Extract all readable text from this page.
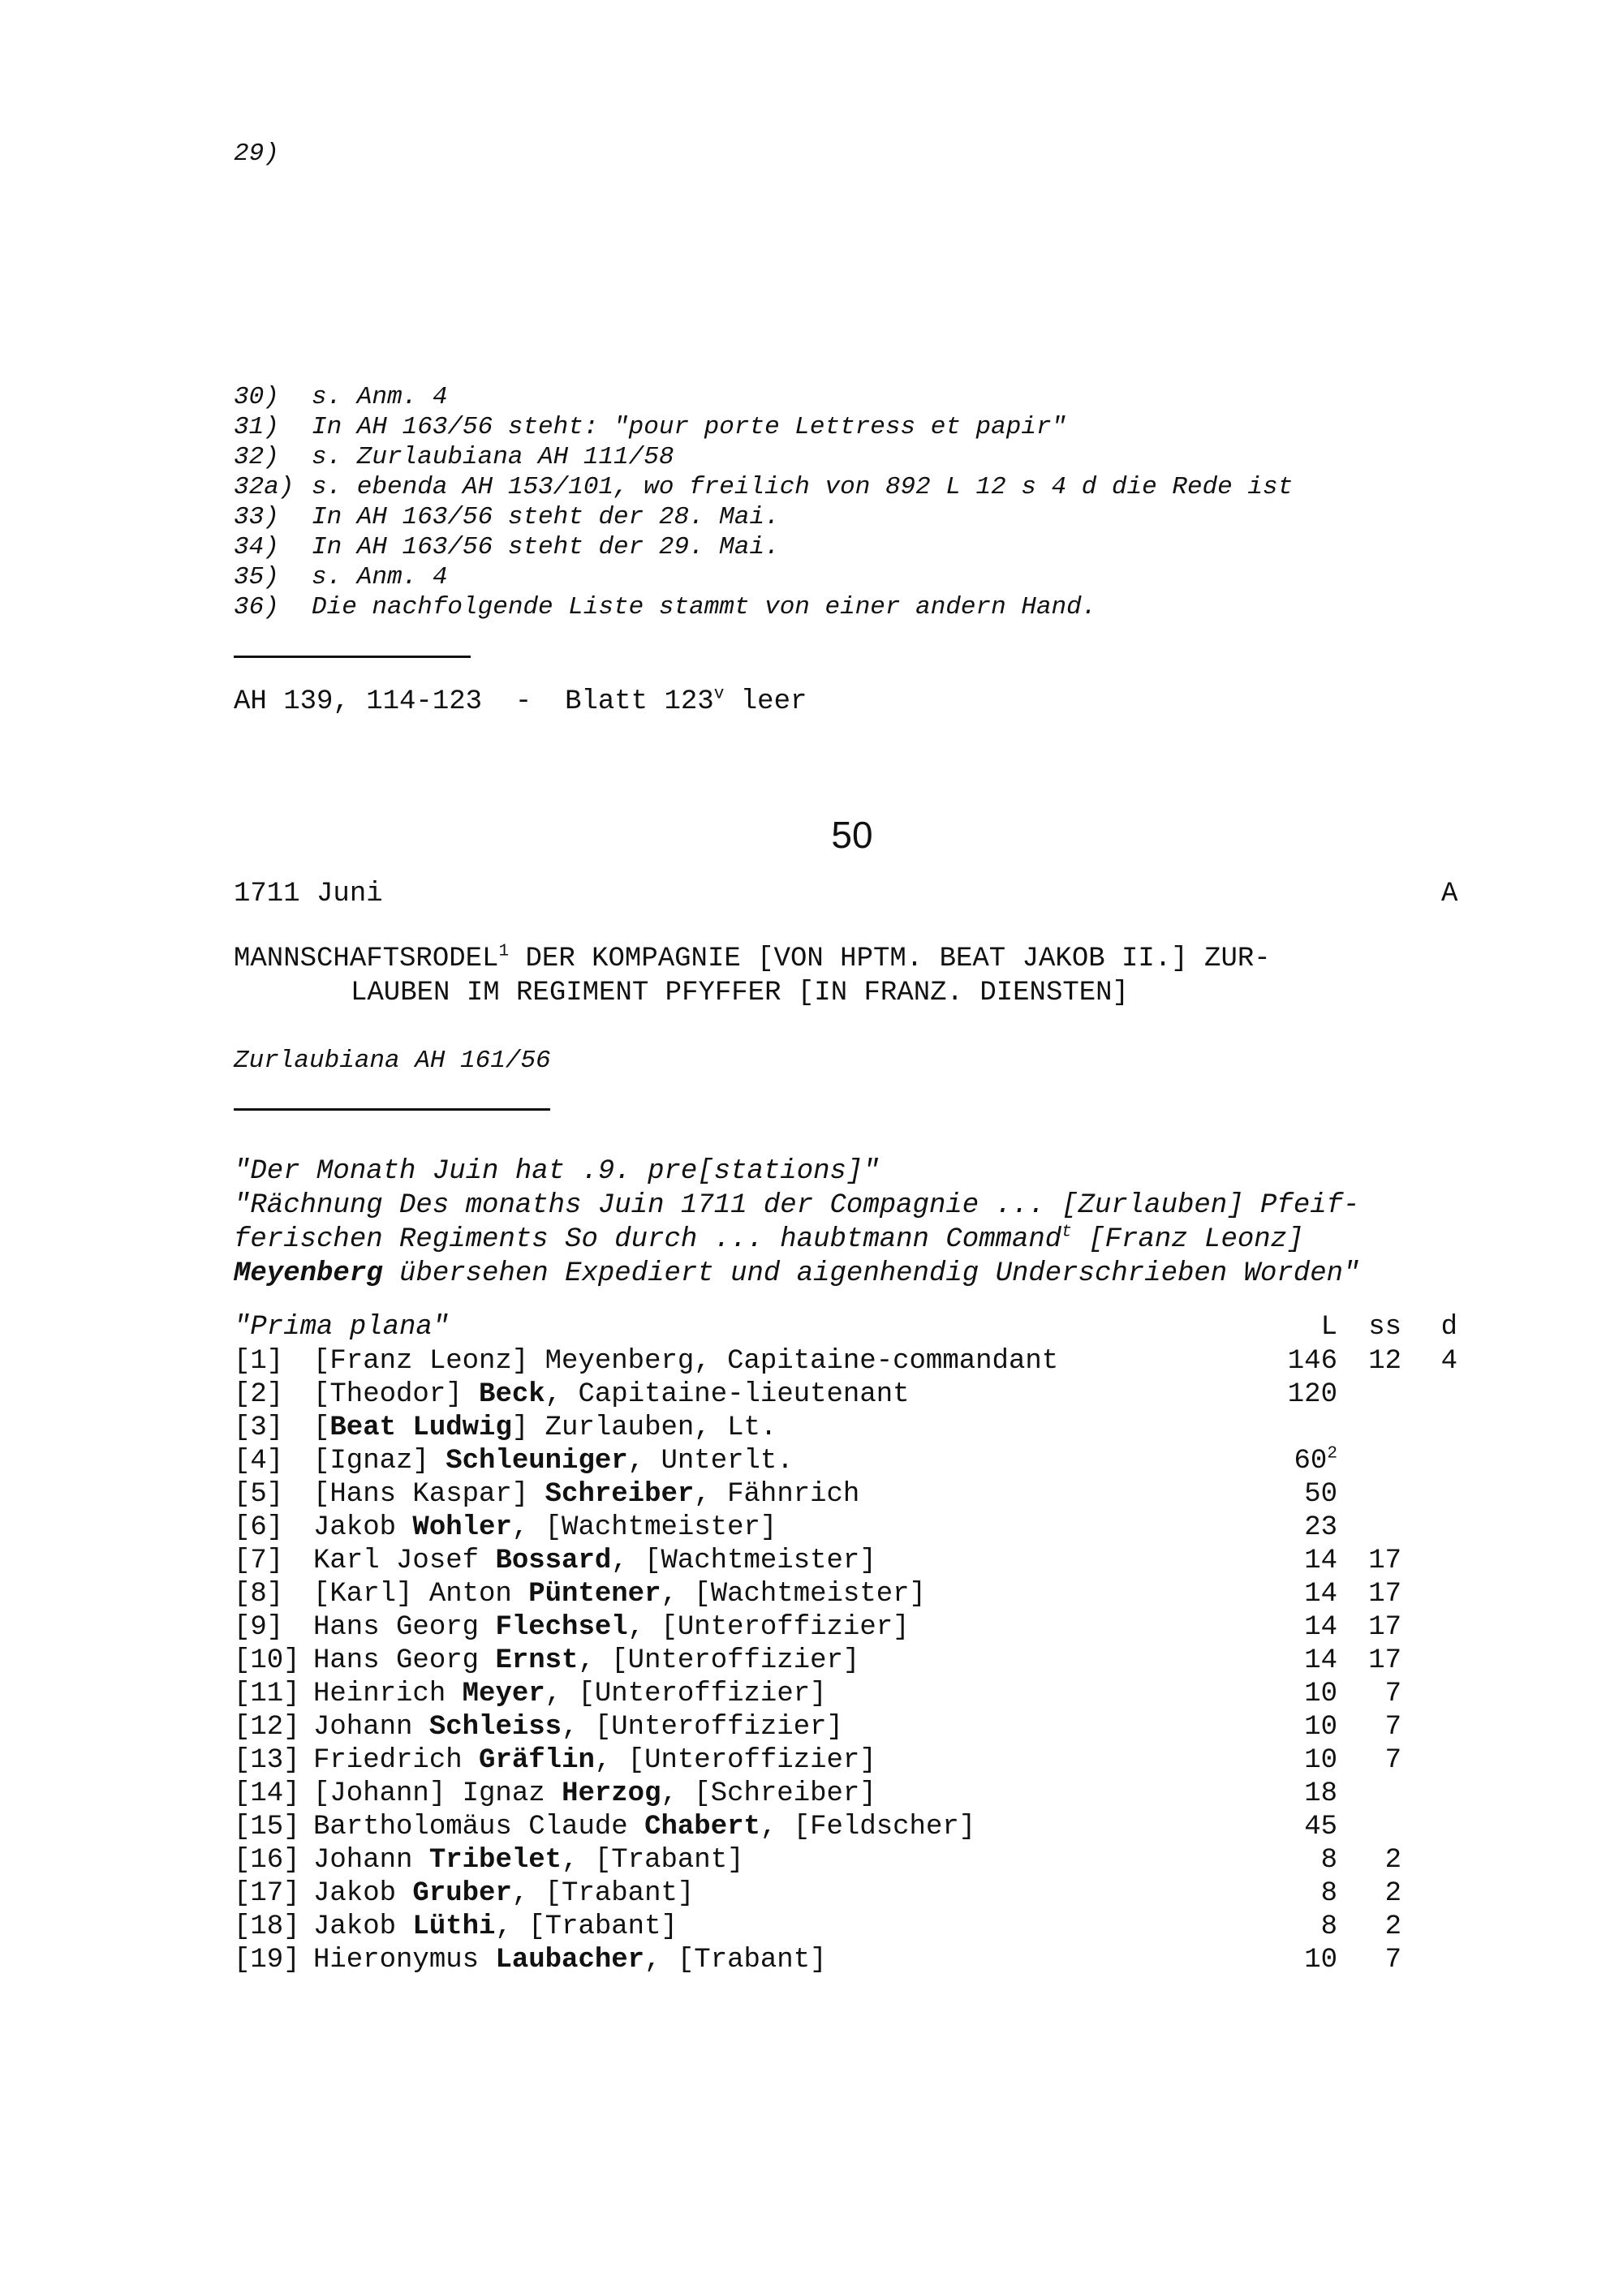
29)
30) s. Anm. 4
31) In AH 163/56 steht: "pour porte Lettress et papir"
32) s. Zurlaubiana AH 111/58
32a) s. ebenda AH 153/101, wo freilich von 892 L 12 s 4 d die Rede ist
33) In AH 163/56 steht der 28. Mai.
34) In AH 163/56 steht der 29. Mai.
35) s. Anm. 4
36) Die nachfolgende Liste stammt von einer andern Hand.
AH 139, 114-123  -  Blatt 123$^v$ leer
50
1711 Juni	A
MANNSCHAFTSRODEL$^1$ DER KOMPAGNIE [VON HPTM. BEAT JAKOB II.] ZUR-
LAUBEN IM REGIMENT PFYFFER [IN FRANZ. DIENSTEN]
Zurlaubiana AH 161/56
"Der Monath Juin hat .9. pre[stations]"
"Rächnung Des monaths Juin 1711 der Compagnie ... [Zurlauben] Pfeif-
ferischen Regiments So durch ... haubtmann Command$^t$ [Franz Leonz]
Meyenberg übersehen Expediert und aigenhendig Underschrieben Worden"
"Prima plana"	L	ss	d
[1] [Franz Leonz] Meyenberg, Capitaine-commandant	146	12	4
[2] [Theodor] Beck, Capitaine-lieutenant	120
[3] [Beat Ludwig] Zurlauben, Lt.
[4] [Ignaz] Schleuniger, Unterlt.	$60^2$
[5] [Hans Kaspar] Schreiber, Fähnrich	50
[6] Jakob Wohler, [Wachtmeister]	23
[7] Karl Josef Bossard, [Wachtmeister]	14	17
[8] [Karl] Anton Püntener, [Wachtmeister]	14	17
[9] Hans Georg Flechsel, [Unteroffizier]	14	17
[10] Hans Georg Ernst, [Unteroffizier]	14	17
[11] Heinrich Meyer, [Unteroffizier]	10	7
[12] Johann Schleiss, [Unteroffizier]	10	7
[13] Friedrich Gräflin, [Unteroffizier]	10	7
[14] [Johann] Ignaz Herzog, [Schreiber]	18
[15] Bartholomäus Claude Chabert, [Feldscher]	45
[16] Johann Tribelet, [Trabant]	8	2
[17] Jakob Gruber, [Trabant]	8	2
[18] Jakob Lüthi, [Trabant]	8	2
[19] Hieronymus Laubacher, [Trabant]	10	7
